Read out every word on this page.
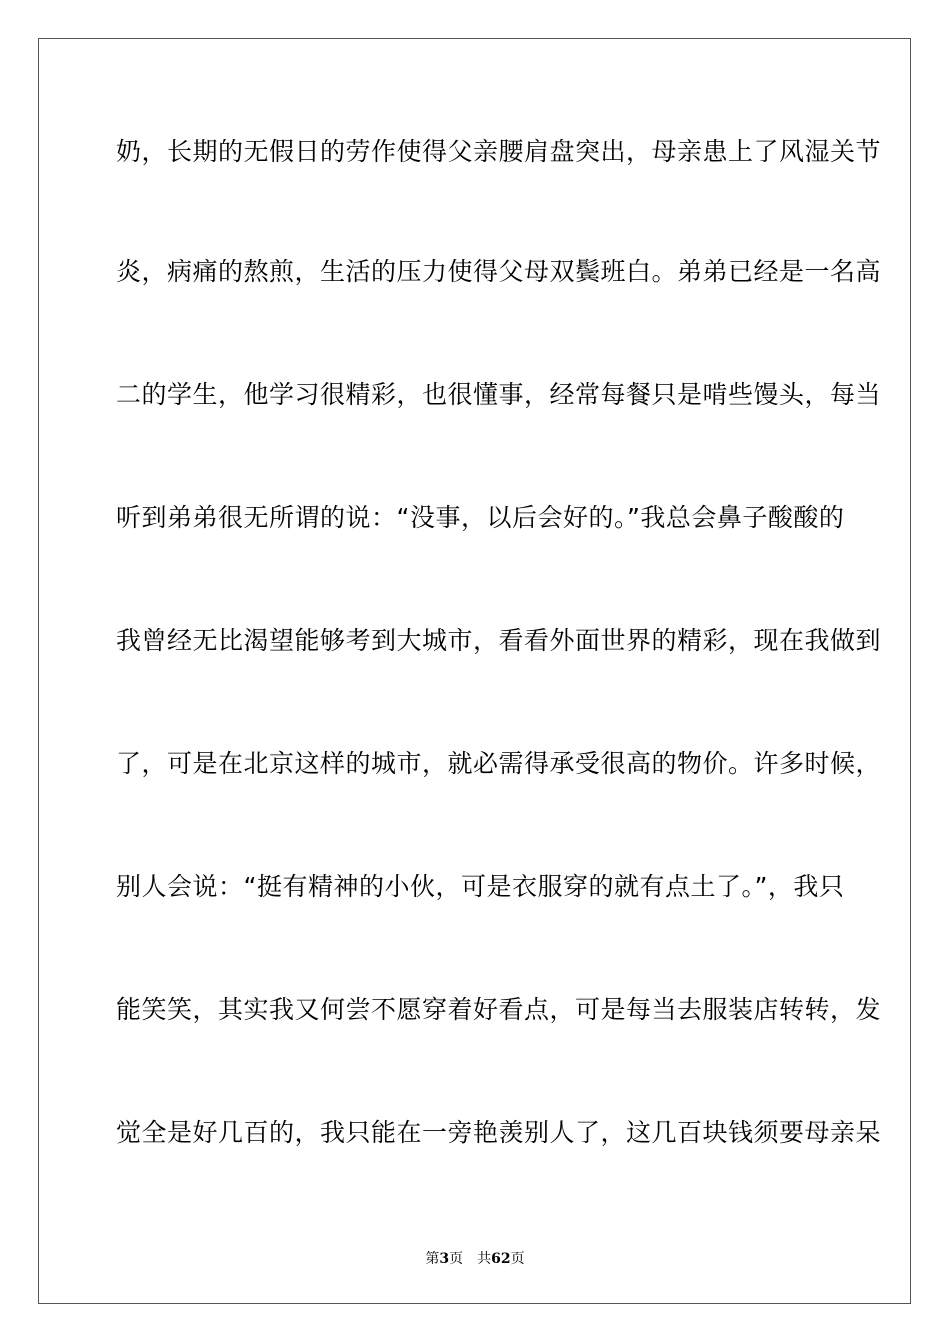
奶，长期的无假日的劳作使得父亲腰肩盘突出，母亲患上了风湿关节
炎，病痛的熬煎，生活的压力使得父母双鬓班白。弟弟已经是一名高
二的学生，他学习很精彩，也很懂事，经常每餐只是啃些馒头，每当
听到弟弟很无所谓的说：“没事，以后会好的。”我总会鼻子酸酸的
我曾经无比渴望能够考到大城市，看看外面世界的精彩，现在我做到
了，可是在北京这样的城市，就必需得承受很高的物价。许多时候，
别人会说：“挺有精神的小伙，可是衣服穿的就有点土了。”，我只
能笑笑，其实我又何尝不愿穿着好看点，可是每当去服装店转转，发
觉全是好几百的，我只能在一旁艳羡别人了，这几百块钱须要母亲呆
第3页 共62页
